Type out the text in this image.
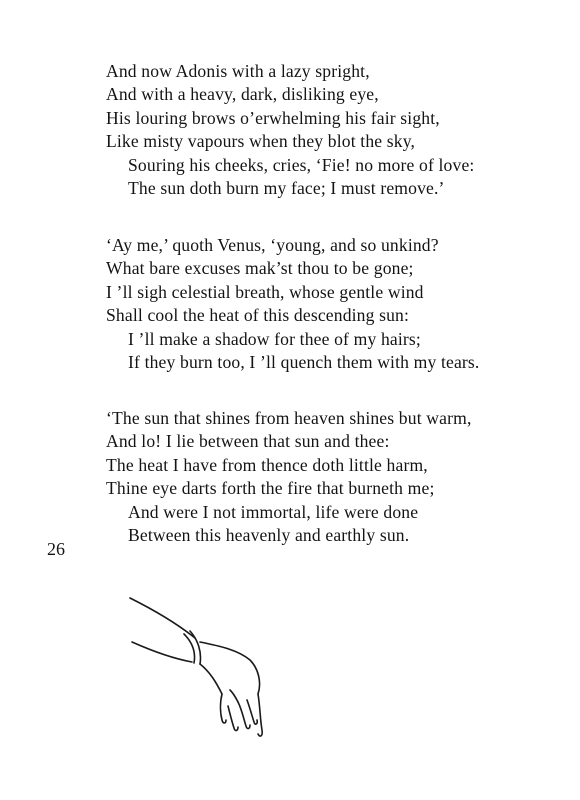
And now Adonis with a lazy spright,
And with a heavy, dark, disliking eye,
His louring brows o’erwhelming his fair sight,
Like misty vapours when they blot the sky,
Souring his cheeks, cries, ‘Fie! no more of love:
The sun doth burn my face; I must remove.’
‘Ay me,’ quoth Venus, ‘young, and so unkind?
What bare excuses mak’st thou to be gone;
I ’ll sigh celestial breath, whose gentle wind
Shall cool the heat of this descending sun:
I ’ll make a shadow for thee of my hairs;
If they burn too, I ’ll quench them with my tears.
‘The sun that shines from heaven shines but warm,
And lo! I lie between that sun and thee:
The heat I have from thence doth little harm,
Thine eye darts forth the fire that burneth me;
And were I not immortal, life were done
Between this heavenly and earthly sun.
26
